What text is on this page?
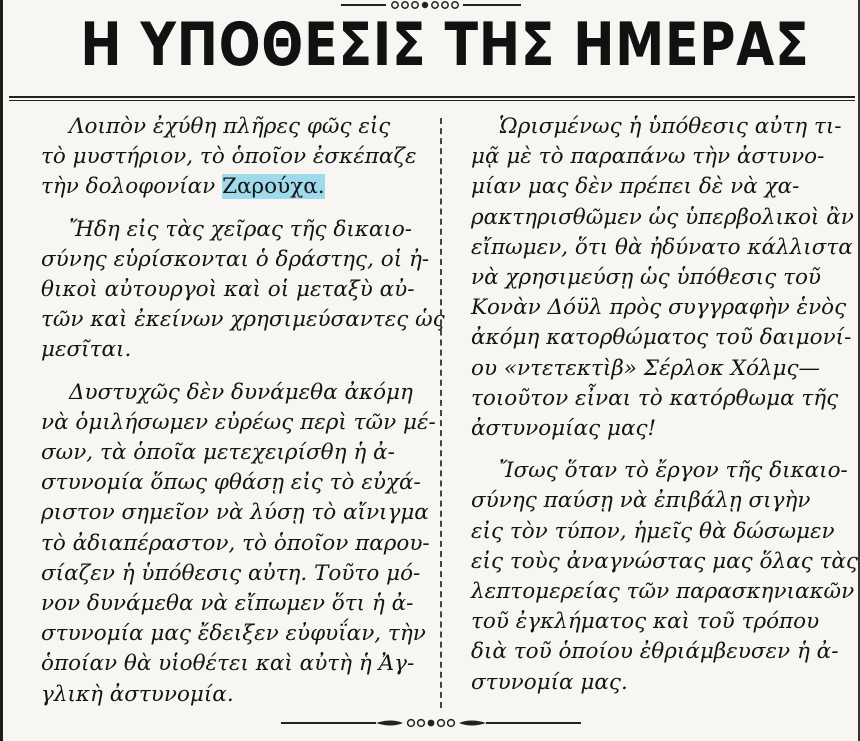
Η ΥΠΟΘΕΣΙΣ ΤΗΣ ΗΜΕΡΑΣ

Λοιπὸν ἐχύθη πλῆρες φῶς εἰς
τὸ μυστήριον, τὸ ὁποῖον ἐσκέπαζε
τὴν δολοφονίαν Ζαρούχα.

Ἤδη εἰς τὰς χεῖρας τῆς δικαιο-
σύνης εὑρίσκονται ὁ δράστης, οἱ ἠ-
θικοὶ αὐτουργοὶ καὶ οἱ μεταξὺ αὐ-
τῶν καὶ ἐκείνων χρησιμεύσαντες ὡς
μεσῖται.

Δυστυχῶς δὲν δυνάμεθα ἀκόμη
νὰ ὁμιλήσωμεν εὐρέως περὶ τῶν μέ-
σων, τὰ ὁποῖα μετεχειρίσθη ἡ ἀ-
στυνομία ὅπως φθάσῃ εἰς τὸ εὐχά-
ριστον σημεῖον νὰ λύσῃ τὸ αἴνιγμα
τὸ ἀδιαπέραστον, τὸ ὁποῖον παρου-
σίαζεν ἡ ὑπόθεσις αὐτη. Τοῦτο μό-
νον δυνάμεθα νὰ εἴπωμεν ὅτι ἡ ἀ-
στυνομία μας ἔδειξεν εὐφυΐαν, τὴν
ὁποίαν θὰ υἱοθέτει καὶ αὐτὴ ἡ Ἀγ-
γλικὴ ἀστυνομία.

Ὡρισμένως ἡ ὑπόθεσις αὐτη τι-
μᾷ μὲ τὸ παραπάνω τὴν ἀστυνο-
μίαν μας δὲν πρέπει δὲ νὰ χα-
ρακτηρισθῶμεν ὡς ὑπερβολικοὶ ἂν
εἴπωμεν, ὅτι θὰ ἠδύνατο κάλλιστα
νὰ χρησιμεύσῃ ὡς ὑπόθεσις τοῦ
Κονὰν Δόϋλ πρὸς συγγραφὴν ἑνὸς
ἀκόμη κατορθώματος τοῦ δαιμονί-
ου «ντετεκτὶβ» Σέρλοκ Χόλμς—
τοιοῦτον εἶναι τὸ κατόρθωμα τῆς
ἀστυνομίας μας!

Ἴσως ὅταν τὸ ἔργον τῆς δικαιο-
σύνης παύσῃ νὰ ἐπιβάλῃ σιγὴν
εἰς τὸν τύπον, ἡμεῖς θὰ δώσωμεν
εἰς τοὺς ἀναγνώστας μας ὅλας τὰς
λεπτομερείας τῶν παρασκηνιακῶν
τοῦ ἐγκλήματος καὶ τοῦ τρόπου
διὰ τοῦ ὁποίου ἐθριάμβευσεν ἡ ἀ-
στυνομία μας.
